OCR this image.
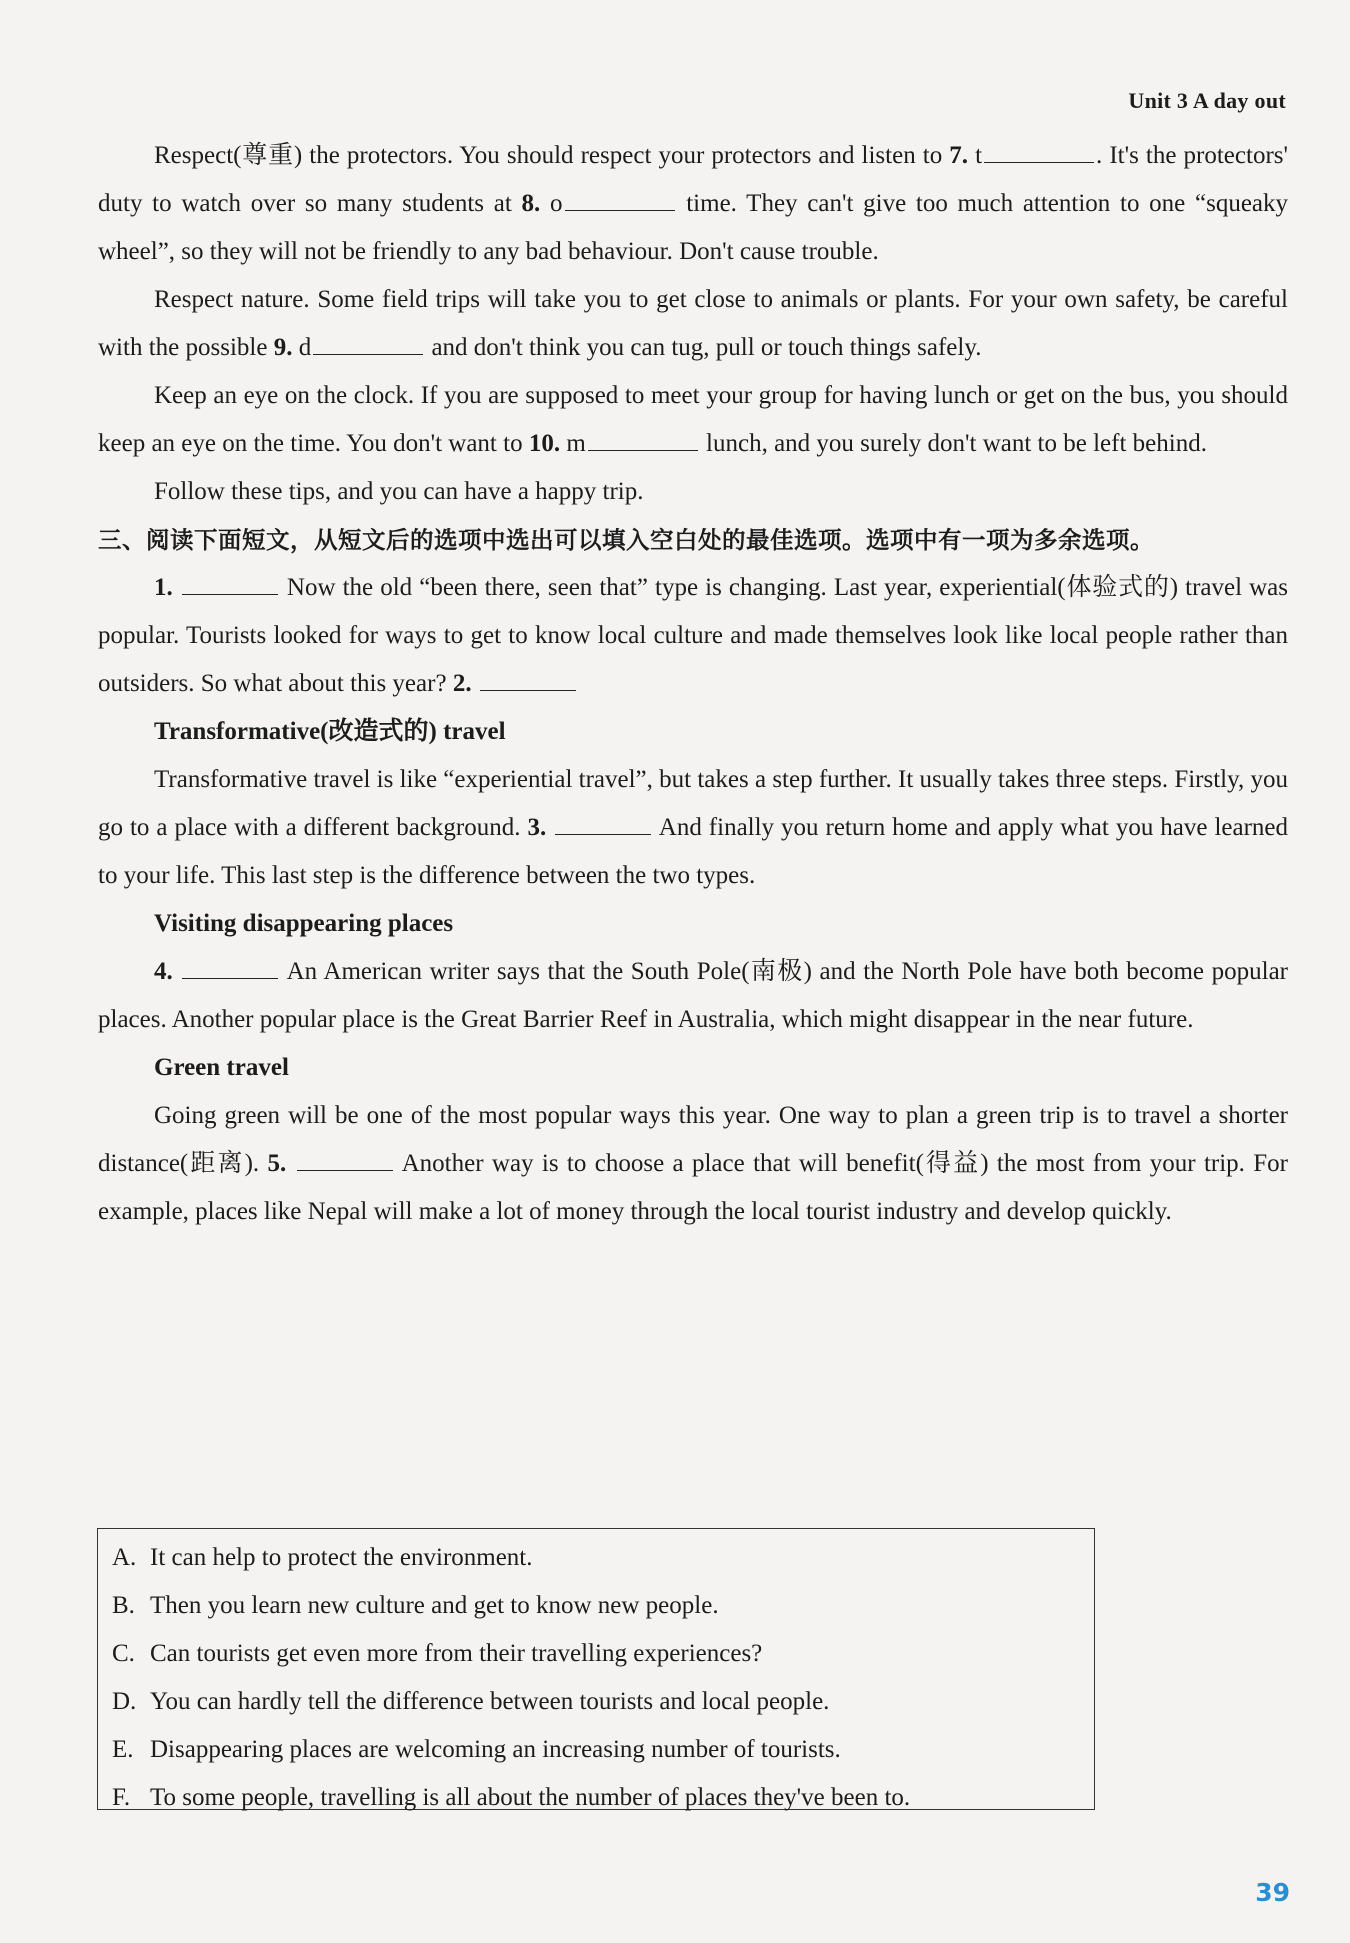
Unit 3 A day out

Respect(尊重) the protectors. You should respect your protectors and listen to 7. t	. It's the protectors' duty to watch over so many students at 8. o	time. They can't give too much attention to one “squeaky wheel”, so they will not be friendly to any bad behaviour. Don't cause trouble.

Respect nature. Some field trips will take you to get close to animals or plants. For your own safety, be careful with the possible 9. d	and don't think you can tug, pull or touch things safely.

Keep an eye on the clock. If you are supposed to meet your group for having lunch or get on the bus, you should keep an eye on the time. You don't want to 10. m	lunch, and you surely don't want to be left behind.

Follow these tips, and you can have a happy trip.

三、阅读下面短文，从短文后的选项中选出可以填入空白处的最佳选项。选项中有一项为多余选项。

1.	Now the old “been there, seen that” type is changing. Last year, experiential(体验式的) travel was popular. Tourists looked for ways to get to know local culture and made themselves look like local people rather than outsiders. So what about this year? 2.

Transformative(改造式的) travel

Transformative travel is like “experiential travel”, but takes a step further. It usually takes three steps. Firstly, you go to a place with a different background. 3.	And finally you return home and apply what you have learned to your life. This last step is the difference between the two types.

Visiting disappearing places

4.	An American writer says that the South Pole(南极) and the North Pole have both become popular places. Another popular place is the Great Barrier Reef in Australia, which might disappear in the near future.

Green travel

Going green will be one of the most popular ways this year. One way to plan a green trip is to travel a shorter distance(距离). 5.	Another way is to choose a place that will benefit(得益) the most from your trip. For example, places like Nepal will make a lot of money through the local tourist industry and develop quickly.

A. It can help to protect the environment.
B. Then you learn new culture and get to know new people.
C. Can tourists get even more from their travelling experiences?
D. You can hardly tell the difference between tourists and local people.
E. Disappearing places are welcoming an increasing number of tourists.
F. To some people, travelling is all about the number of places they've been to.
39
